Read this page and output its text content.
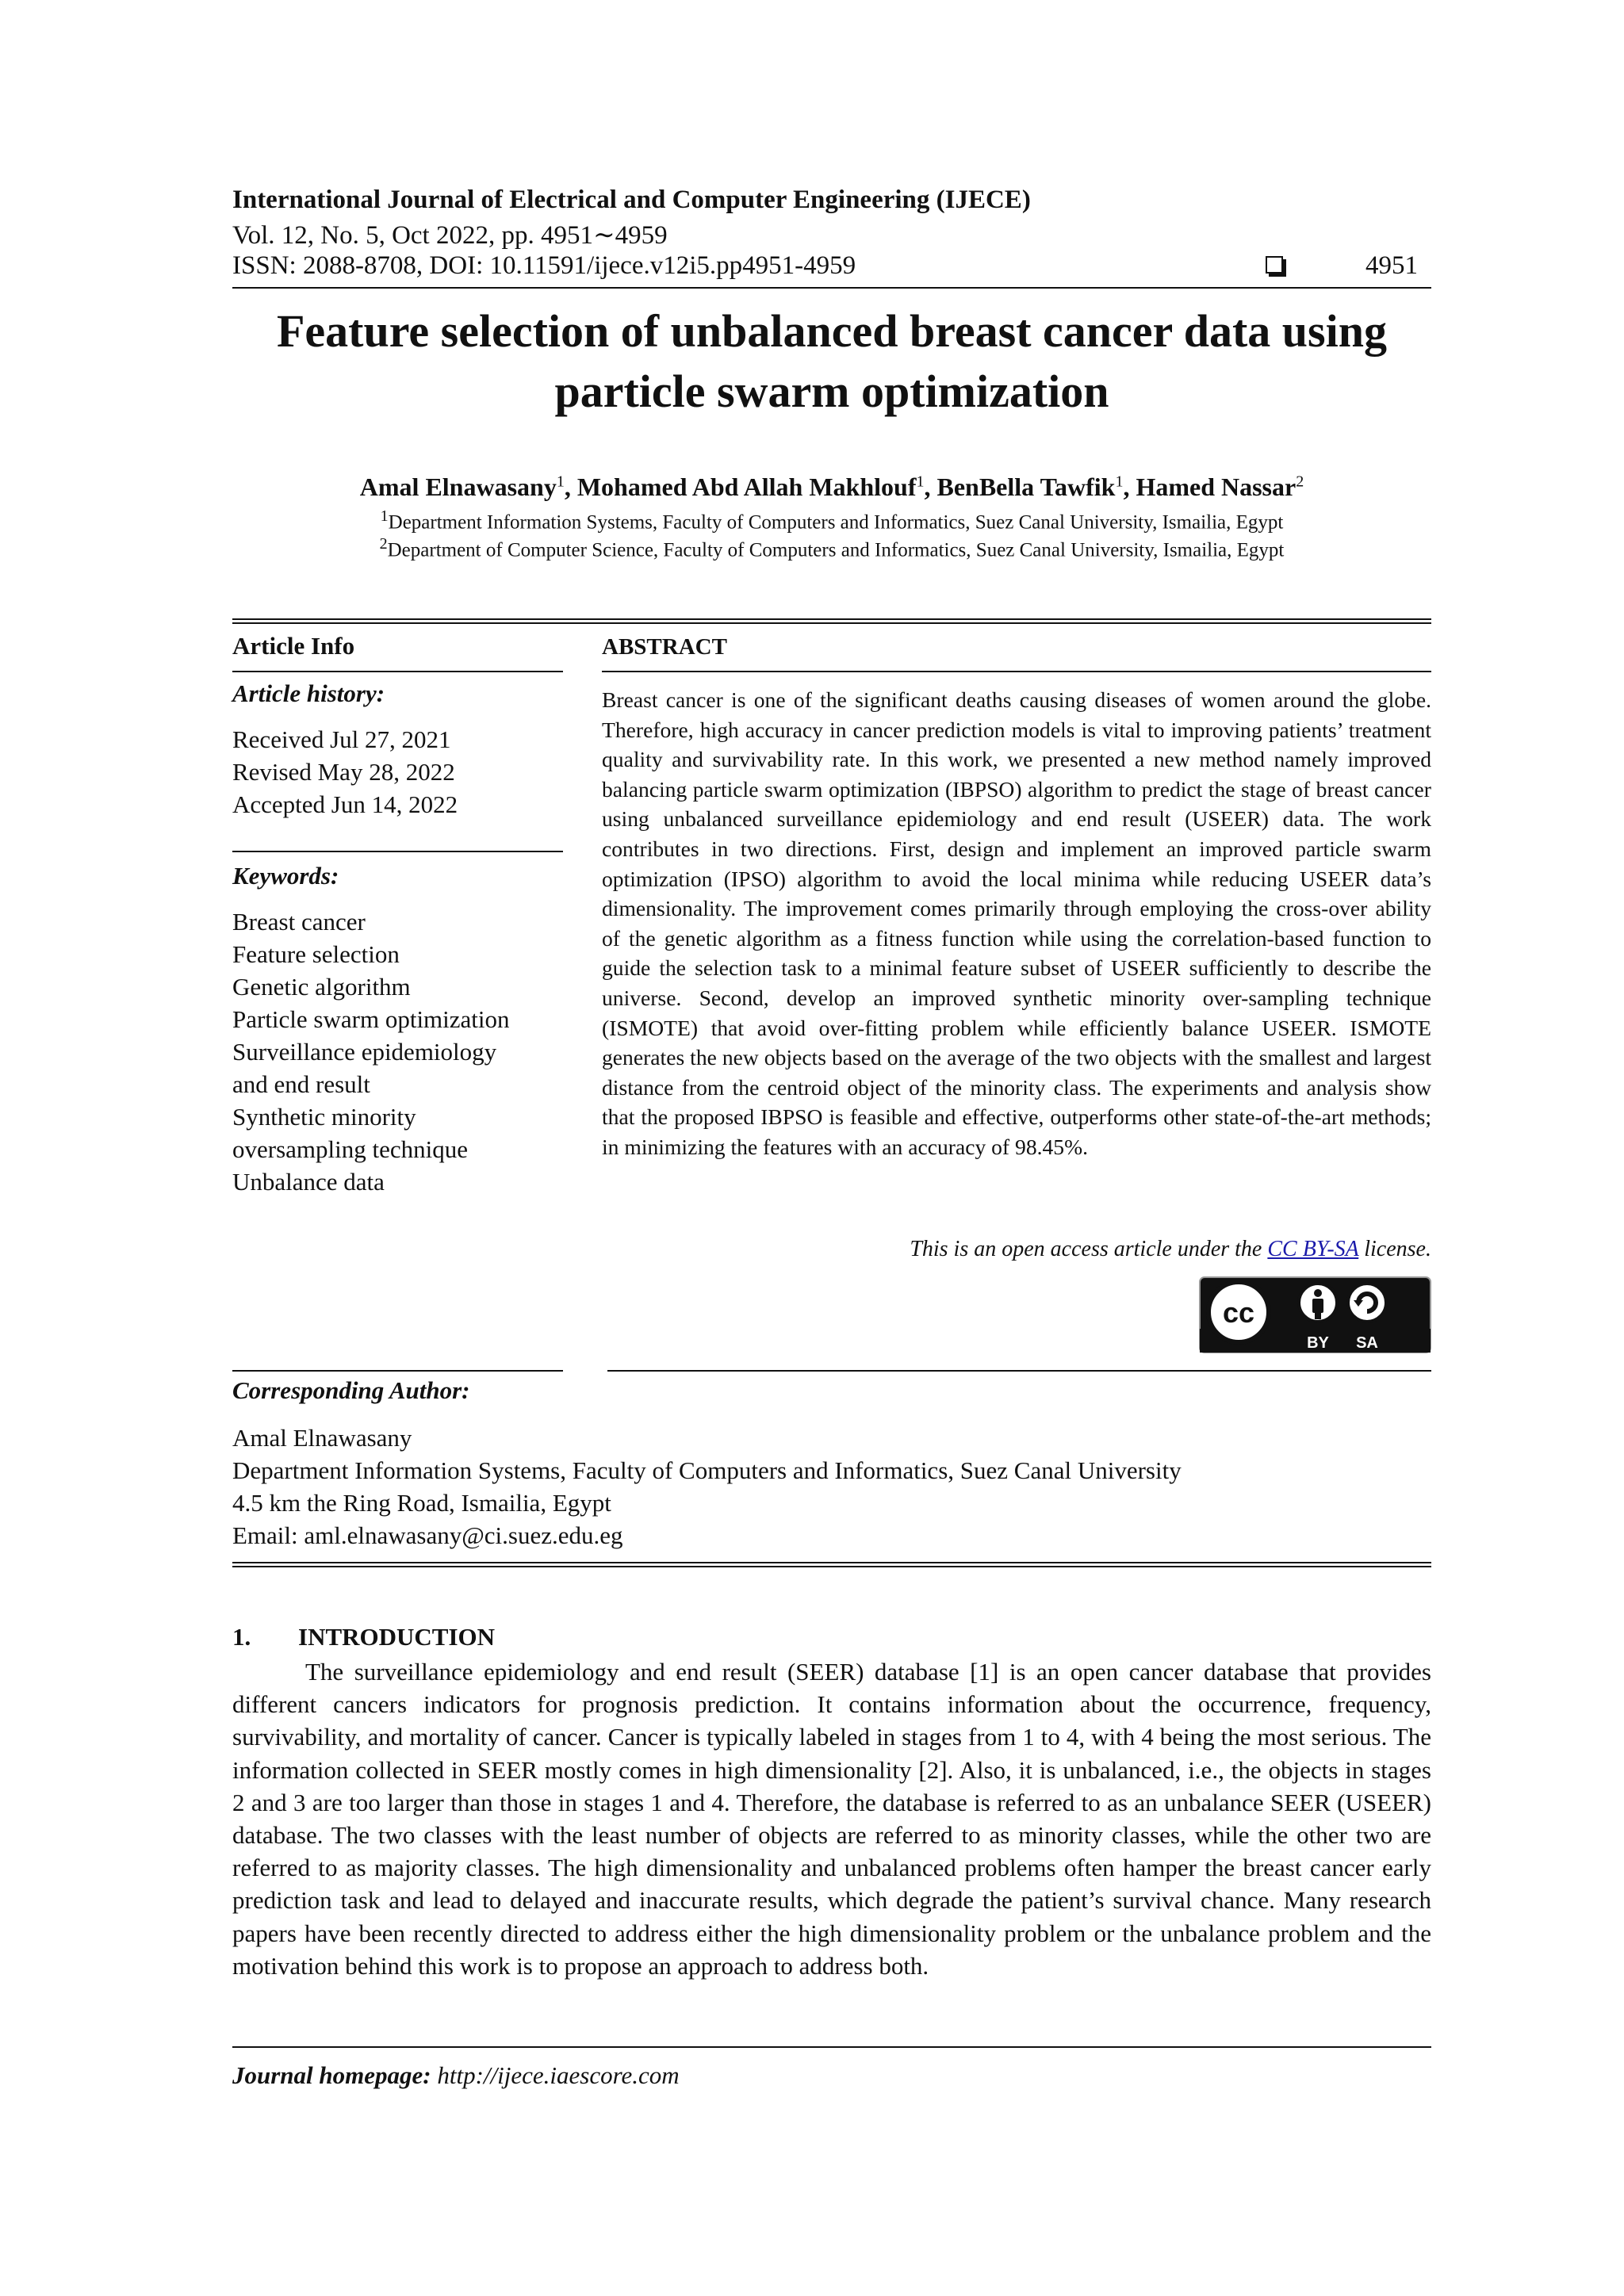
International Journal of Electrical and Computer Engineering (IJECE)
Vol. 12, No. 5, Oct 2022, pp. 4951∼4959
ISSN: 2088-8708, DOI: 10.11591/ijece.v12i5.pp4951-4959	4951
Feature selection of unbalanced breast cancer data using
particle swarm optimization
Amal Elnawasany$^1$, Mohamed Abd Allah Makhlouf$^1$, BenBella Tawfik$^1$, Hamed Nassar$^2$
$^1$Department Information Systems, Faculty of Computers and Informatics, Suez Canal University, Ismailia, Egypt
$^2$Department of Computer Science, Faculty of Computers and Informatics, Suez Canal University, Ismailia, Egypt
Article Info
Article history:
Received Jul 27, 2021
Revised May 28, 2022
Accepted Jun 14, 2022
Keywords:
Breast cancer
Feature selection
Genetic algorithm
Particle swarm optimization
Surveillance epidemiology
and end result
Synthetic minority
oversampling technique
Unbalance data
ABSTRACT
Breast cancer is one of the significant deaths causing diseases of women around the globe. Therefore, high accuracy in cancer prediction models is vital to improving patients’ treatment quality and survivability rate. In this work, we presented a new method namely improved balancing particle swarm optimization (IBPSO) algorithm to predict the stage of breast cancer using unbalanced surveillance epidemiology and end result (USEER) data. The work contributes in two directions. First, design and implement an improved particle swarm optimization (IPSO) algorithm to avoid the local minima while reducing USEER data’s dimensionality. The improvement comes primarily through employing the cross-over ability of the genetic algorithm as a fitness function while using the correlation-based function to guide the selection task to a minimal feature subset of USEER sufficiently to describe the universe. Second, develop an improved synthetic minority over-sampling technique (ISMOTE) that avoid over-fitting problem while efficiently balance USEER. ISMOTE generates the new objects based on the average of the two objects with the smallest and largest distance from the centroid object of the minority class. The experiments and analysis show that the proposed IBPSO is feasible and effective, outperforms other state-of-the-art methods; in minimizing the features with an accuracy of 98.45%.
This is an open access article under the CC BY-SA license.
cc
BY SA
Corresponding Author:
Amal Elnawasany
Department Information Systems, Faculty of Computers and Informatics, Suez Canal University
4.5 km the Ring Road, Ismailia, Egypt
Email: aml.elnawasany@ci.suez.edu.eg
1. INTRODUCTION
The surveillance epidemiology and end result (SEER) database [1] is an open cancer database that provides different cancers indicators for prognosis prediction. It contains information about the occurrence, frequency, survivability, and mortality of cancer. Cancer is typically labeled in stages from 1 to 4, with 4 being the most serious. The information collected in SEER mostly comes in high dimensionality [2]. Also, it is unbalanced, i.e., the objects in stages 2 and 3 are too larger than those in stages 1 and 4. Therefore, the database is referred to as an unbalance SEER (USEER) database. The two classes with the least number of objects are referred to as minority classes, while the other two are referred to as majority classes. The high dimensionality and unbalanced problems often hamper the breast cancer early prediction task and lead to delayed and inaccurate results, which degrade the patient’s survival chance. Many research papers have been recently directed to address either the high dimensionality problem or the unbalance problem and the motivation behind this work is to propose an approach to address both.
Journal homepage: http://ijece.iaescore.com
